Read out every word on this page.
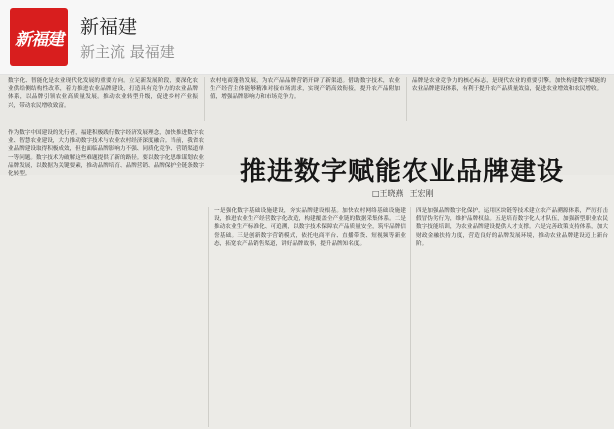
新福建
新福建
新主流 最福建
数字化、智能化是农业现代化发展的重要方向。立足新发展阶段，要深化农业供给侧结构性改革，着力推进农业品牌建设，打造具有竞争力的农业品牌体系，以品牌引领农业高质量发展。推动农业转型升级，促进乡村产业振兴，带动农民增收致富。
农村电商蓬勃发展，为农产品品牌营销开辟了新渠道。借助数字技术，农业生产经营主体能够精准对接市场需求，实现产销高效衔接，提升农产品附加值，增强品牌影响力和市场竞争力。
品牌是农业竞争力的核心标志，是现代农业的重要引擎。加快构建数字赋能的农业品牌建设体系，有利于提升农产品质量效益，促进农业增效和农民增收。
推进数字赋能农业品牌建设
□王晓燕 王宏刚
作为数字中国建设的先行者，福建积极践行数字经济发展理念，加快推进数字农业、智慧农业建设，大力推动数字技术与农业农村经济深度融合。当前，我省农业品牌建设取得积极成效，但也面临品牌影响力不强、同质化竞争、营销渠道单一等问题。数字技术为破解这些难题提供了新的路径。要以数字化思维谋划农业品牌发展，以数据为关键要素，推动品牌培育、品牌营销、品牌保护全链条数字化转型。
一是强化数字基础设施建设，夯实品牌建设根基。加快农村网络基础设施建设，推进农业生产经营数字化改造，构建覆盖全产业链的数据采集体系。二是推动农业生产标准化、可追溯，以数字技术保障农产品质量安全，筑牢品牌信誉基础。三是创新数字营销模式，依托电商平台、直播带货、短视频等新业态，拓宽农产品销售渠道，讲好品牌故事，提升品牌知名度。
四是加强品牌数字化保护，运用区块链等技术建立农产品溯源体系，严厉打击假冒伪劣行为，维护品牌权益。五是培育数字化人才队伍，加强新型职业农民数字技能培训，为农业品牌建设提供人才支撑。六是完善政策支持体系，加大财政金融扶持力度，营造良好的品牌发展环境，推动农业品牌建设迈上新台阶。
